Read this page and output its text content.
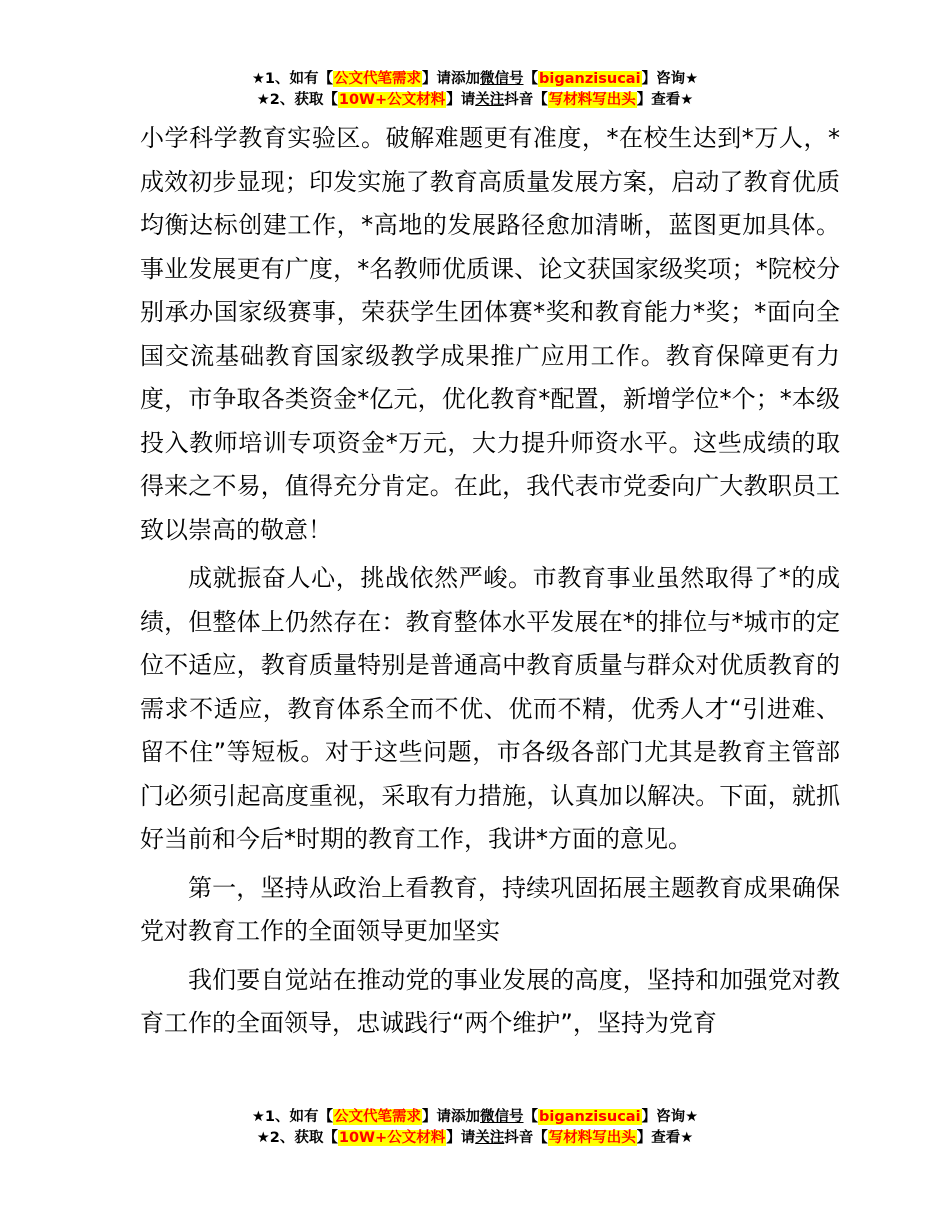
★1、如有【公文代笔需求】请添加微信号【biganzisucai】咨询★
★2、获取【10W+公文材料】请关注抖音【写材料写出头】查看★

小学科学教育实验区。破解难题更有准度，*在校生达到*万人，*成效初步显现；印发实施了教育高质量发展方案，启动了教育优质均衡达标创建工作，*高地的发展路径愈加清晰，蓝图更加具体。事业发展更有广度，*名教师优质课、论文获国家级奖项；*院校分别承办国家级赛事，荣获学生团体赛*奖和教育能力*奖；*面向全国交流基础教育国家级教学成果推广应用工作。教育保障更有力度，市争取各类资金*亿元，优化教育*配置，新增学位*个；*本级投入教师培训专项资金*万元，大力提升师资水平。这些成绩的取得来之不易，值得充分肯定。在此，我代表市党委向广大教职员工致以崇高的敬意！

成就振奋人心，挑战依然严峻。市教育事业虽然取得了*的成绩，但整体上仍然存在：教育整体水平发展在*的排位与*城市的定位不适应，教育质量特别是普通高中教育质量与群众对优质教育的需求不适应，教育体系全而不优、优而不精，优秀人才“引进难、留不住”等短板。对于这些问题，市各级各部门尤其是教育主管部门必须引起高度重视，采取有力措施，认真加以解决。下面，就抓好当前和今后*时期的教育工作，我讲*方面的意见。

第一，坚持从政治上看教育，持续巩固拓展主题教育成果确保党对教育工作的全面领导更加坚实

我们要自觉站在推动党的事业发展的高度，坚持和加强党对教育工作的全面领导，忠诚践行“两个维护”，坚持为党育

★1、如有【公文代笔需求】请添加微信号【biganzisucai】咨询★
★2、获取【10W+公文材料】请关注抖音【写材料写出头】查看★
